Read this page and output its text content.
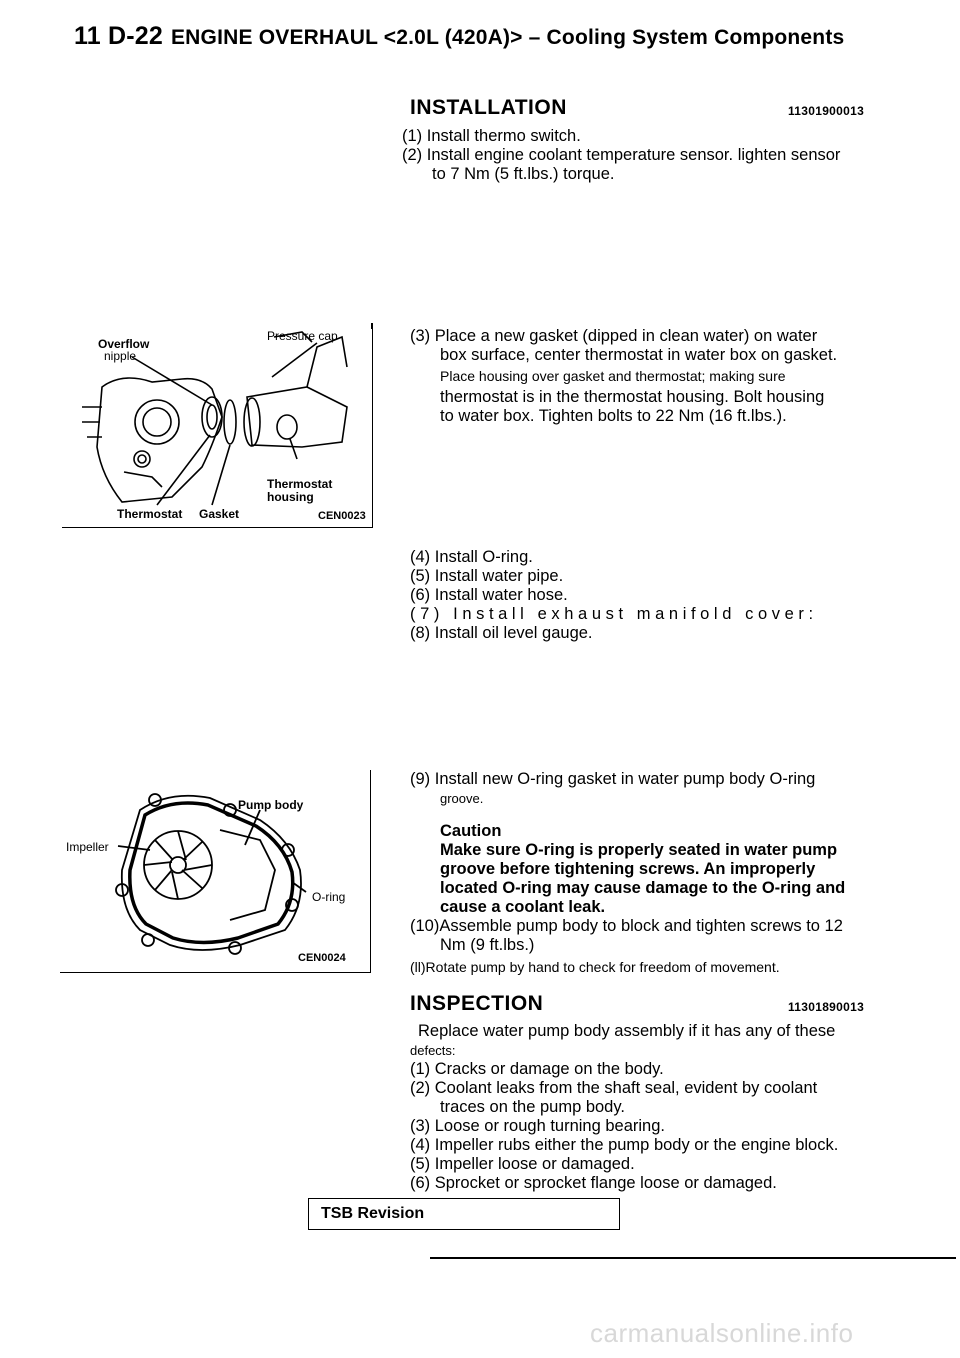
11 D-22 ENGINE OVERHAUL <2.0L (420A)> – Cooling System Components
INSTALLATION	11301900013

(1) Install thermo switch.

(2) Install engine coolant temperature sensor. lighten sensor

to 7 Nm (5 ft.lbs.) torque.

Overflow
nipple
Pressure cap
Thermostat
housing
Thermostat Gasket	CEN0023

(3) Place a new gasket (dipped in clean water) on water

box surface, center thermostat in water box on gasket.

Place housing over gasket and thermostat; making sure

thermostat is in the thermostat housing. Bolt housing

to water box. Tighten bolts to 22 Nm (16 ft.lbs.).

(4) Install O-ring.

(5) Install water pipe.

(6) Install water hose.

(7) Install exhaust manifold cover:

(8) Install oil level gauge.

Pump body
Impeller
O-ring
CEN0024

(9) Install new O-ring gasket in water pump body O-ring

groove.

Caution

Make sure O-ring is properly seated in water pump

groove before tightening screws. An improperly

located O-ring may cause damage to the O-ring and

cause a coolant leak.

(10)Assemble pump body to block and tighten screws to 12

Nm (9 ft.lbs.)

(ll)Rotate pump by hand to check for freedom of movement.

INSPECTION	11301890013

Replace water pump body assembly if it has any of these

defects:

(1) Cracks or damage on the body.

(2) Coolant leaks from the shaft seal, evident by coolant

traces on the pump body.

(3) Loose or rough turning bearing.

(4) Impeller rubs either the pump body or the engine block.

(5) Impeller loose or damaged.

(6) Sprocket or sprocket flange loose or damaged.

TSB Revision
carmanualsonline.info
